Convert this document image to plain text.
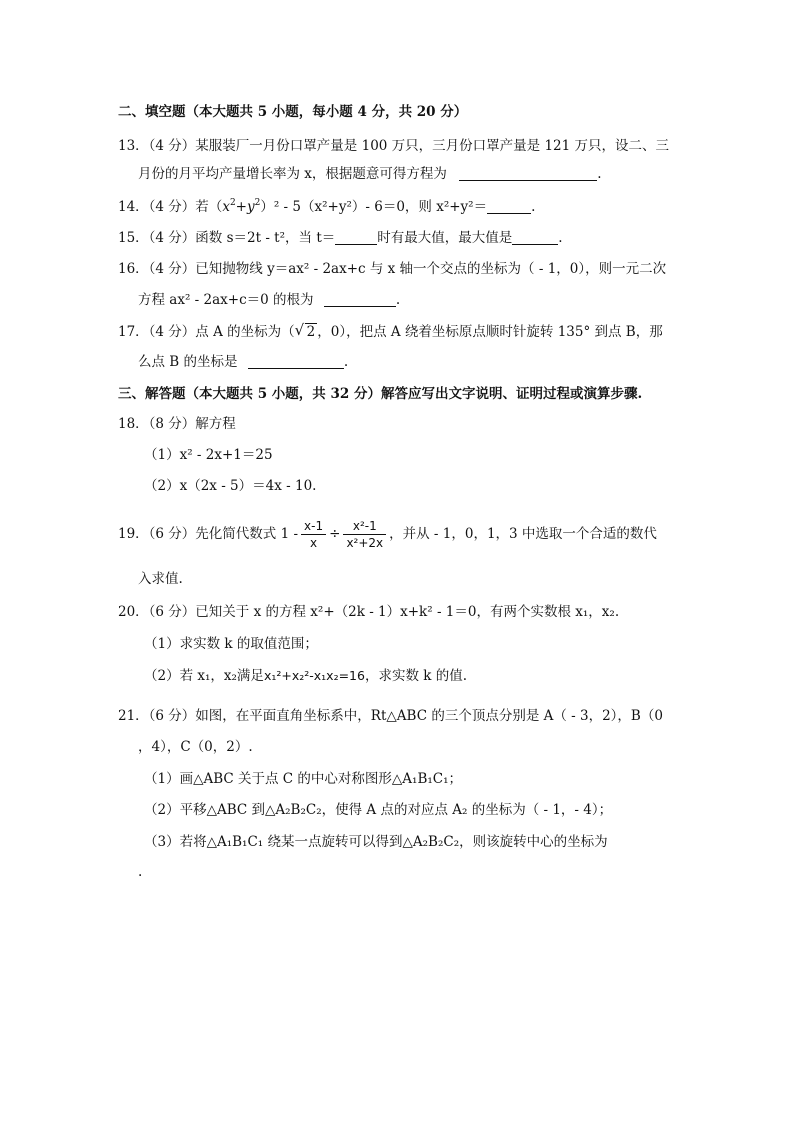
二、填空题（本大题共 5 小题，每小题 4 分，共 20 分）
13．（4 分）某服装厂一月份口罩产量是 100 万只，三月份口罩产量是 121 万只，设二、三
月份的月平均产量增长率为 x，根据题意可得方程为	.
14．（4 分）若$(x^2+y^2)^2 - 5(x^2+y^2)-$ 6＝0，则 x²+y²＝	.
15．（4 分）函数 s＝2t - t²，当 t＝	时有最大值，最大值是	.
16．（4 分）已知抛物线 y＝ax² - 2ax+c 与 x 轴一个交点的坐标为（ - 1，0），则一元二次
方程 ax² - 2ax+c＝0 的根为	.
17．（4 分）点 A 的坐标为（ √ 2 ，0），把点 A 绕着坐标原点顺时针旋转 135° 到点 B，那
么点 B 的坐标是	.
三、解答题（本大题共 5 小题，共 32 分）解答应写出文字说明、证明过程或演算步骤.
18．（8 分）解方程
（1）x² - 2x+1＝25
（2）x（2x - 5）＝4x - 10.
19．（6 分）先化简代数式 $1 - \frac{x-1}{x} \div \frac{\text{x²-1}}{\text{x²+2x}}$ ，并从 - 1，0，1，3 中选取一个合适的数代
入求值.
20．（6 分）已知关于 x 的方程 x²+（2k - 1）x+k² - 1＝0，有两个实数根 x₁，x₂.
（1）求实数 k 的取值范围；
（2）若 x₁，x₂满足x₁²+x₂²-x₁x₂=16，求实数 k 的值.
21．（6 分）如图，在平面直角坐标系中，Rt△ABC 的三个顶点分别是 A（ - 3，2），B（0
，4），C（0，2）.
（1）画△ABC 关于点 C 的中心对称图形△A₁B₁C₁；
（2）平移△ABC 到△A₂B₂C₂，使得 A 点的对应点 A₂ 的坐标为（ - 1，- 4）；
（3）若将△A₁B₁C₁ 绕某一点旋转可以得到△A₂B₂C₂，则该旋转中心的坐标为
.
